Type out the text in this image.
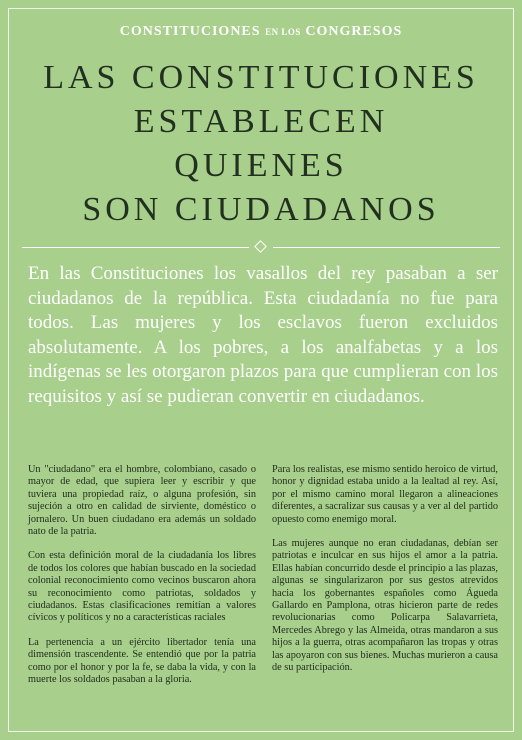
CONSTITUCIONES EN LOS CONGRESOS
LAS CONSTITUCIONES
ESTABLECEN
QUIENES
SON CIUDADANOS
En las Constituciones los vasallos del rey pasaban a ser ciudadanos de la república. Esta ciudadanía no fue para todos. Las mujeres y los esclavos fueron excluidos absolutamente. A los pobres, a los analfabetas y a los indígenas se les otorgaron plazos para que cumplieran con los requisitos y así se pudieran convertir en ciudadanos.

Un "ciudadano" era el hombre, colombiano, casado o mayor de edad, que supiera leer y escribir y que tuviera una propiedad raíz, o alguna profesión, sin sujeción a otro en calidad de sirviente, doméstico o jornalero. Un buen ciudadano era además un soldado nato de la patria.

Con esta definición moral de la ciudadanía los libres de todos los colores que habían buscado en la sociedad colonial reconocimiento como vecinos buscaron ahora su reconocimiento como patriotas, soldados y ciudadanos. Estas clasificaciones remitían a valores cívicos y políticos y no a características raciales

La pertenencia a un ejército libertador tenía una dimensión trascendente. Se entendió que por la patria como por el honor y por la fe, se daba la vida, y con la muerte los soldados pasaban a la gloria.

Para los realistas, ese mismo sentido heroico de virtud, honor y dignidad estaba unido a la lealtad al rey. Así, por el mismo camino moral llegaron a alineaciones diferentes, a sacralizar sus causas y a ver al del partido opuesto como enemigo moral.

Las mujeres aunque no eran ciudadanas, debían ser patriotas e inculcar en sus hijos el amor a la patria. Ellas habían concurrido desde el principio a las plazas, algunas se singularizaron por sus gestos atrevidos hacia los gobernantes españoles como Águeda Gallardo en Pamplona, otras hicieron parte de redes revolucionarias como Policarpa Salavarrieta, Mercedes Abrego y las Almeida, otras mandaron a sus hijos a la guerra, otras acompañaron las tropas y otras las apoyaron con sus bienes. Muchas murieron a causa de su participación.
